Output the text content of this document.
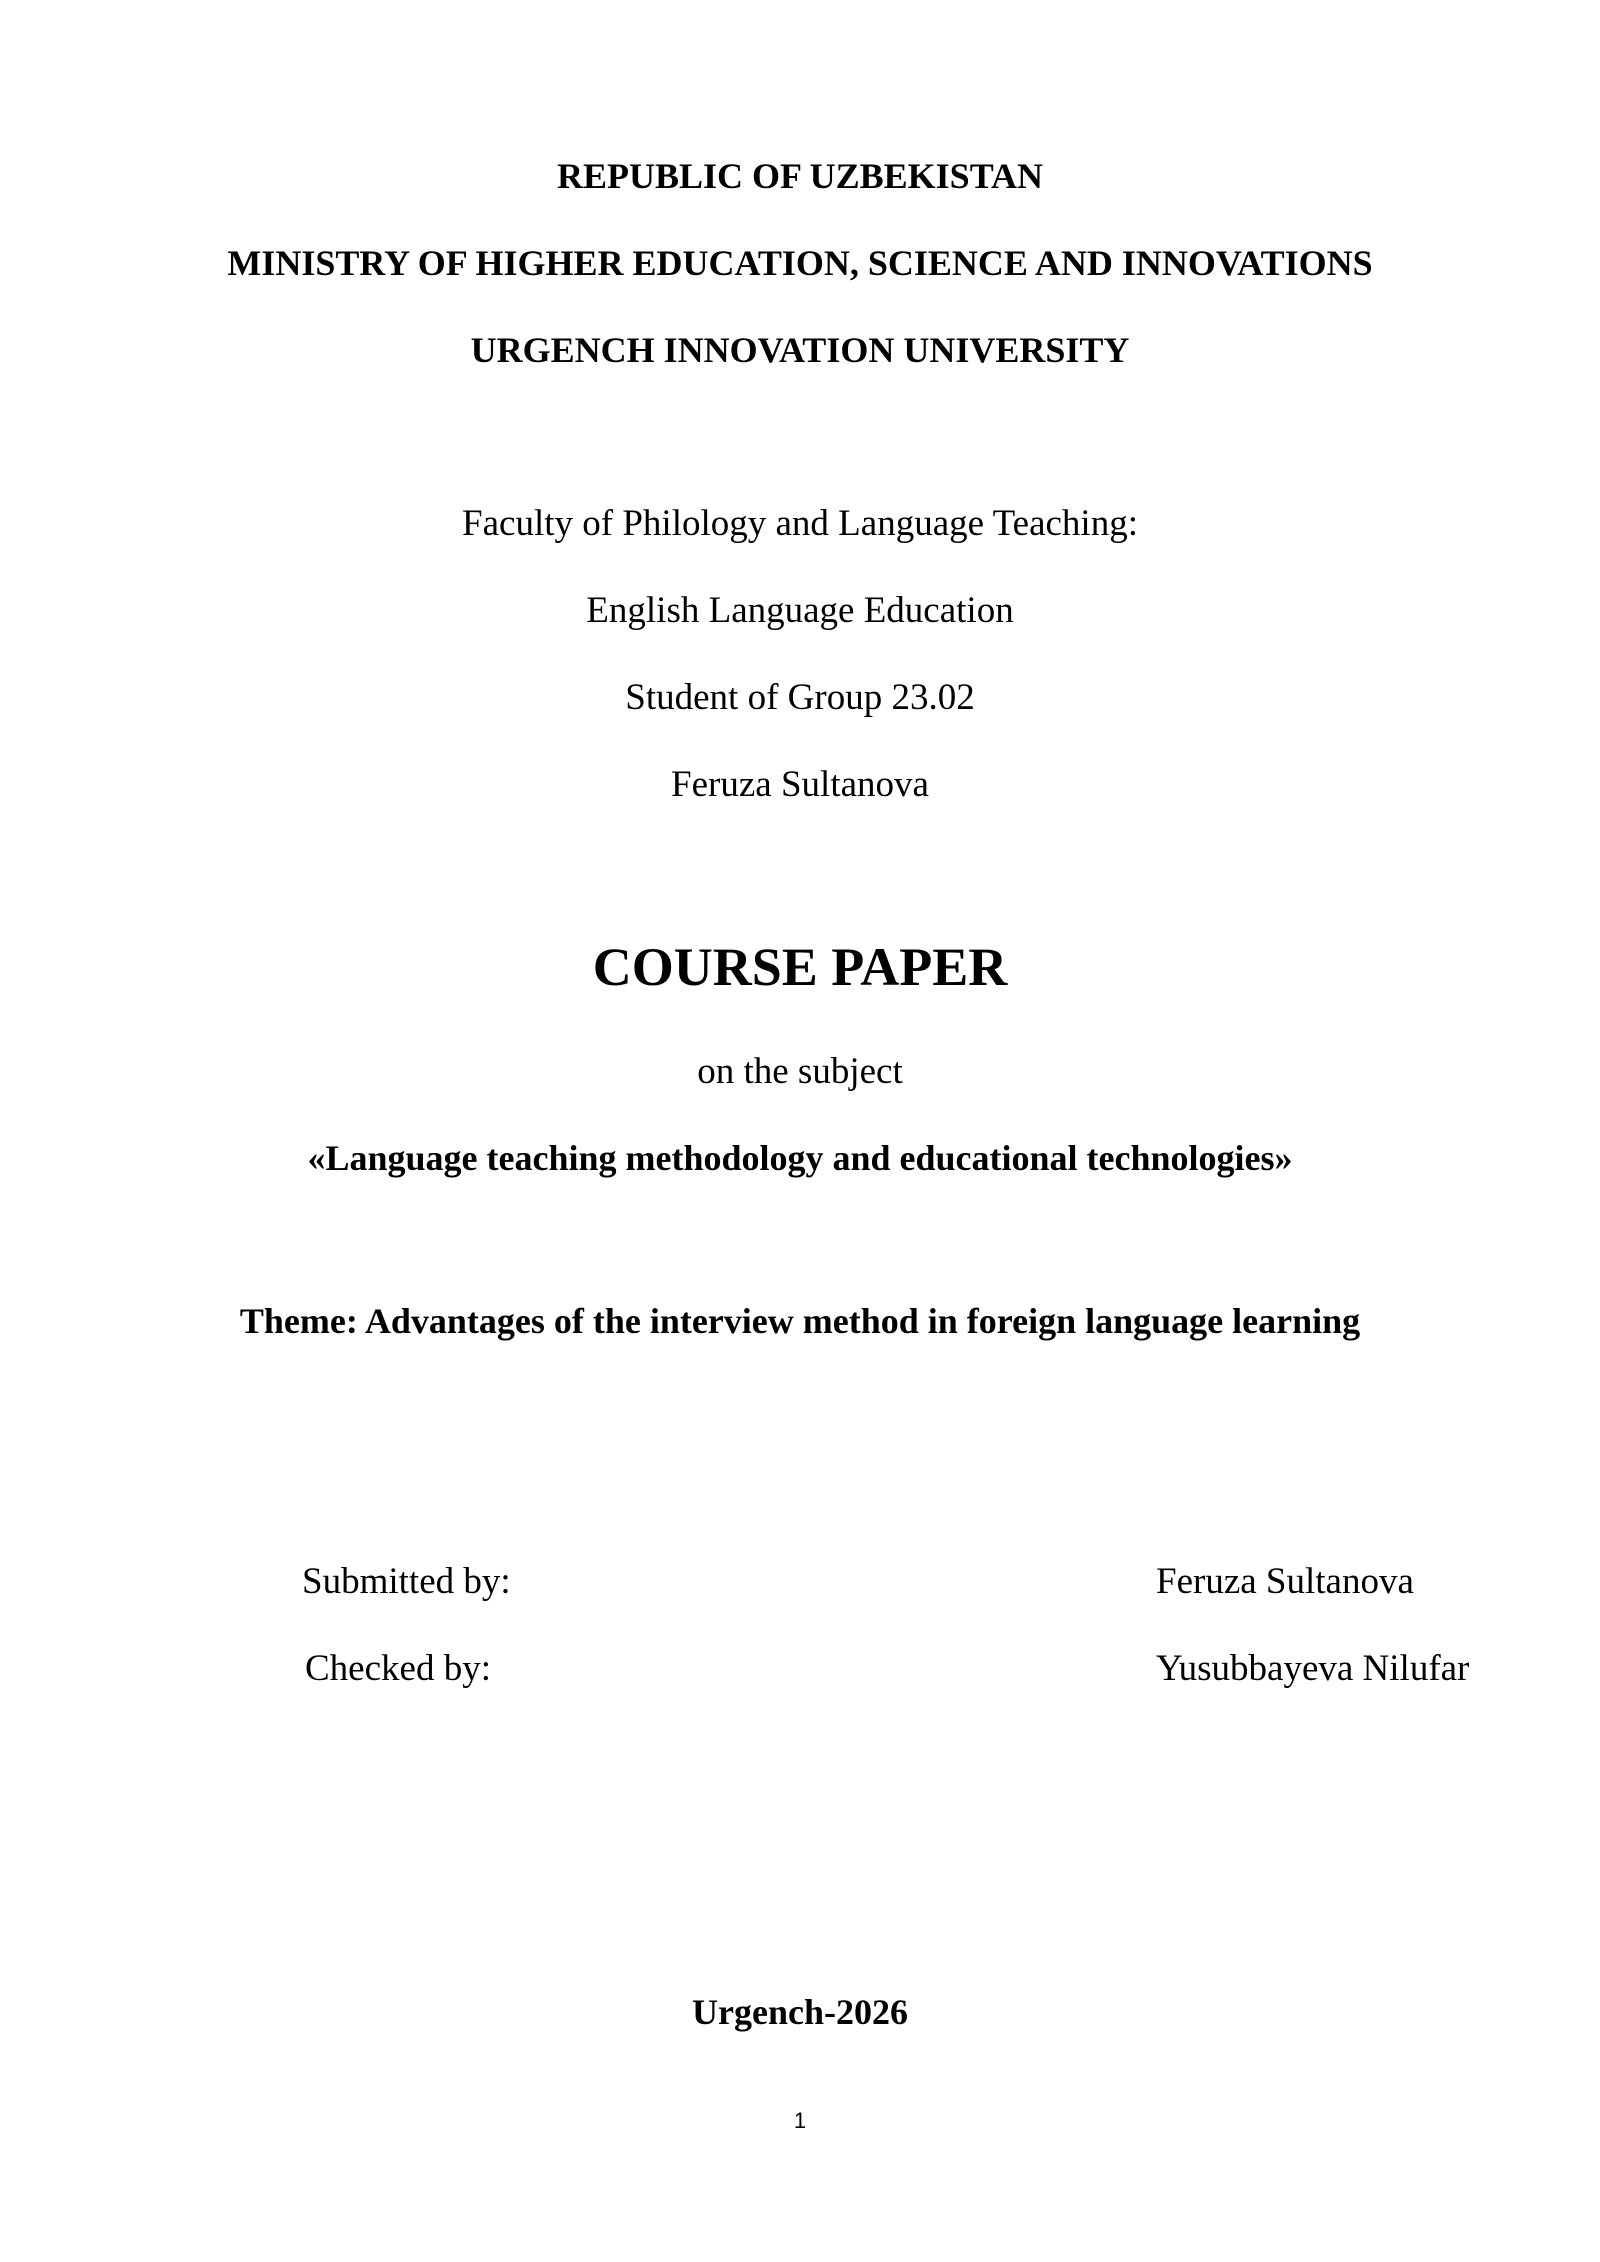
REPUBLIC OF UZBEKISTAN
MINISTRY OF HIGHER EDUCATION, SCIENCE AND INNOVATIONS
URGENCH INNOVATION UNIVERSITY
Faculty of Philology and Language Teaching:
English Language Education
Student of Group 23.02
Feruza Sultanova
COURSE PAPER
on the subject
«Language teaching methodology and educational technologies»
Theme: Advantages of the interview method in foreign language learning
Submitted by:	Feruza Sultanova
Checked by:	Yusubbayeva Nilufar
Urgench-2026
1
